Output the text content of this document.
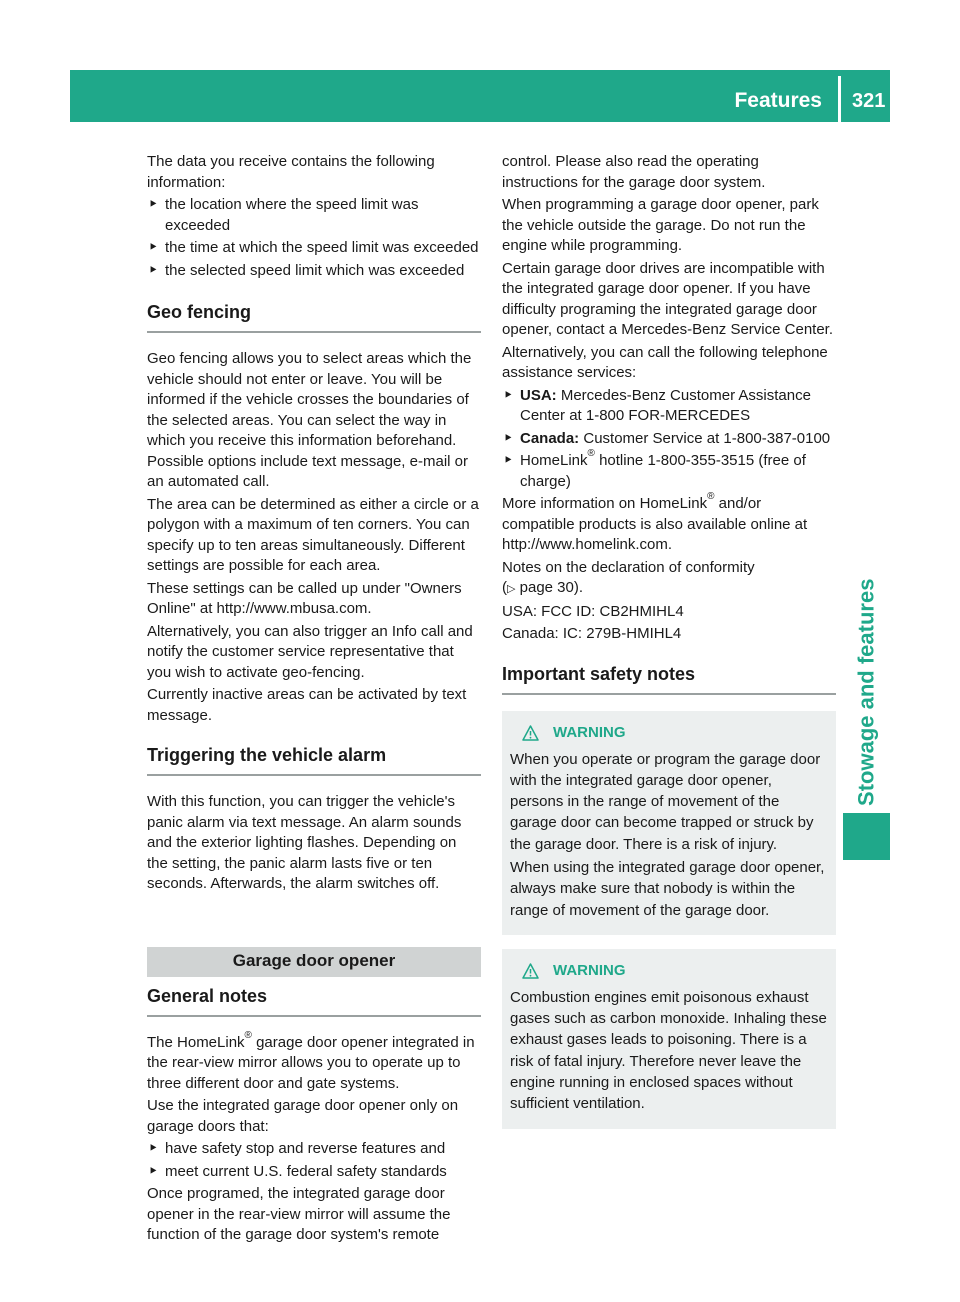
Features 321
Stowage and features

The data you receive contains the following information:

‣ the location where the speed limit was exceeded
‣ the time at which the speed limit was exceeded
‣ the selected speed limit which was exceeded
Geo fencing

Geo fencing allows you to select areas which the vehicle should not enter or leave. You will be informed if the vehicle crosses the boundaries of the selected areas. You can select the way in which you receive this information beforehand. Possible options include text message, e-mail or an automated call.

The area can be determined as either a circle or a polygon with a maximum of ten corners. You can specify up to ten areas simultaneously. Different settings are possible for each area.

These settings can be called up under "Owners Online" at http://www.mbusa.com.

Alternatively, you can also trigger an Info call and notify the customer service representative that you wish to activate geo-fencing.

Currently inactive areas can be activated by text message.

Triggering the vehicle alarm

With this function, you can trigger the vehicle's panic alarm via text message. An alarm sounds and the exterior lighting flashes. Depending on the setting, the panic alarm lasts five or ten seconds. Afterwards, the alarm switches off.

Garage door opener
General notes

The HomeLink® garage door opener integrated in the rear-view mirror allows you to operate up to three different door and gate systems.

Use the integrated garage door opener only on garage doors that:

‣ have safety stop and reverse features and
‣ meet current U.S. federal safety standards

Once programed, the integrated garage door opener in the rear-view mirror will assume the function of the garage door system's remote

control. Please also read the operating instructions for the garage door system.

When programming a garage door opener, park the vehicle outside the garage. Do not run the engine while programming.

Certain garage door drives are incompatible with the integrated garage door opener. If you have difficulty programing the integrated garage door opener, contact a Mercedes-Benz Service Center.

Alternatively, you can call the following telephone assistance services:

‣ USA: Mercedes-Benz Customer Assistance Center at 1-800 FOR-MERCEDES
‣ Canada: Customer Service at 1-800-387-0100
‣ HomeLink® hotline 1-800-355-3515 (free of charge)

More information on HomeLink® and/or compatible products is also available online at http://www.homelink.com.

Notes on the declaration of conformity
(▷ page 30).

USA: FCC ID: CB2HMIHL4

Canada: IC: 279B-HMIHL4

Important safety notes
WARNING

When you operate or program the garage door with the integrated garage door opener, persons in the range of movement of the garage door can become trapped or struck by the garage door. There is a risk of injury.

When using the integrated garage door opener, always make sure that nobody is within the range of movement of the garage door.

WARNING

Combustion engines emit poisonous exhaust gases such as carbon monoxide. Inhaling these exhaust gases leads to poisoning. There is a risk of fatal injury. Therefore never leave the engine running in enclosed spaces without sufficient ventilation.
